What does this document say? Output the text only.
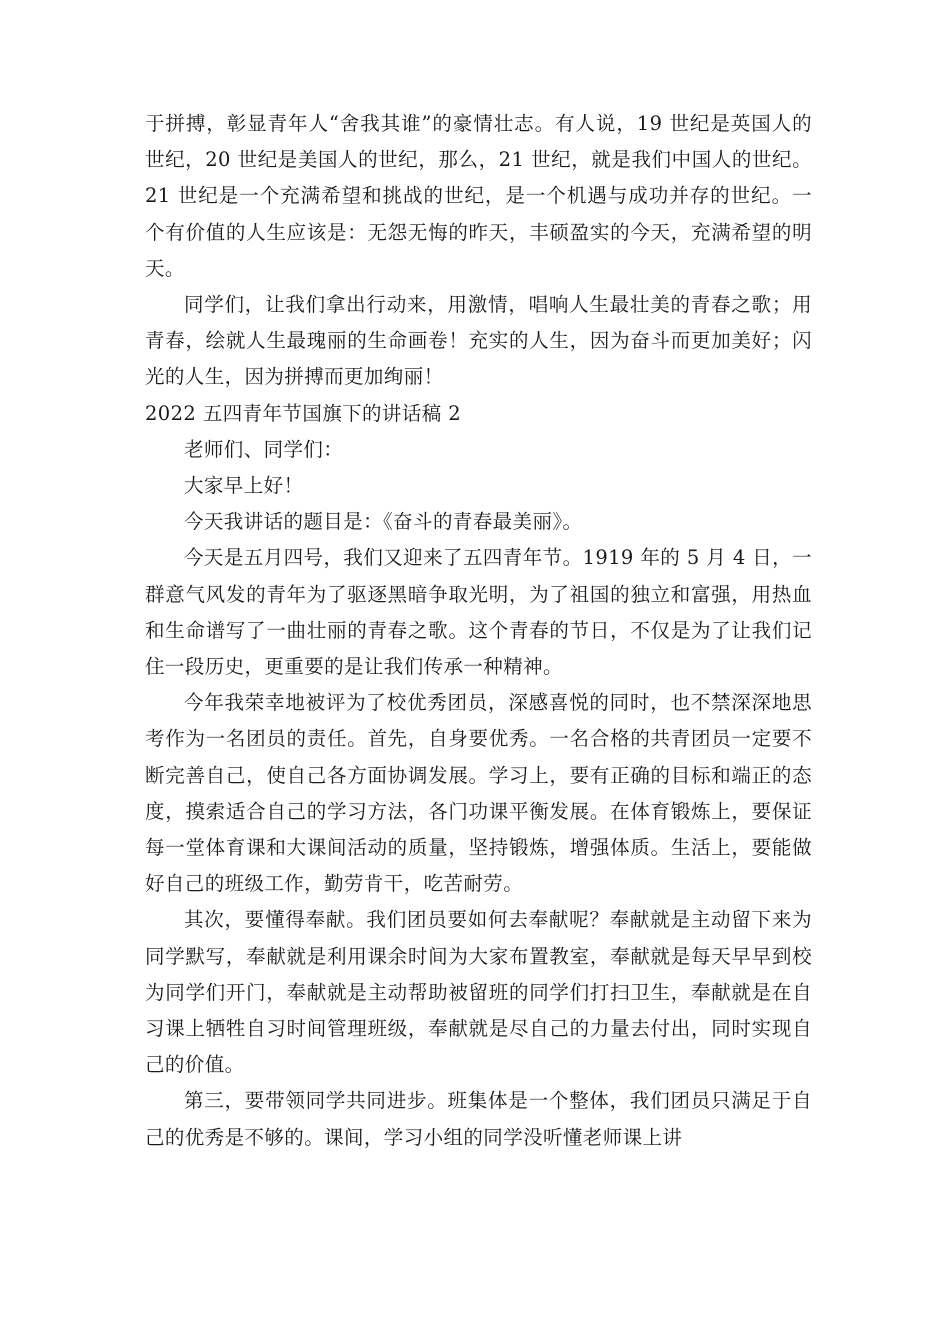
于拼搏，彰显青年人“舍我其谁”的豪情壮志。有人说，19 世纪是英国人的世纪，20 世纪是美国人的世纪，那么，21 世纪，就是我们中国人的世纪。21 世纪是一个充满希望和挑战的世纪，是一个机遇与成功并存的世纪。一个有价值的人生应该是：无怨无悔的昨天，丰硕盈实的今天，充满希望的明天。

同学们，让我们拿出行动来，用激情，唱响人生最壮美的青春之歌；用青春，绘就人生最瑰丽的生命画卷！充实的人生，因为奋斗而更加美好；闪光的人生，因为拼搏而更加绚丽！

2022 五四青年节国旗下的讲话稿 2

老师们、同学们：

大家早上好！

今天我讲话的题目是：《奋斗的青春最美丽》。

今天是五月四号，我们又迎来了五四青年节。1919 年的 5 月 4 日，一群意气风发的青年为了驱逐黑暗争取光明，为了祖国的独立和富强，用热血和生命谱写了一曲壮丽的青春之歌。这个青春的节日，不仅是为了让我们记住一段历史，更重要的是让我们传承一种精神。

今年我荣幸地被评为了校优秀团员，深感喜悦的同时，也不禁深深地思考作为一名团员的责任。首先，自身要优秀。一名合格的共青团员一定要不断完善自己，使自己各方面协调发展。学习上，要有正确的目标和端正的态度，摸索适合自己的学习方法，各门功课平衡发展。在体育锻炼上，要保证每一堂体育课和大课间活动的质量，坚持锻炼，增强体质。生活上，要能做好自己的班级工作，勤劳肯干，吃苦耐劳。

其次，要懂得奉献。我们团员要如何去奉献呢？奉献就是主动留下来为同学默写，奉献就是利用课余时间为大家布置教室，奉献就是每天早早到校为同学们开门，奉献就是主动帮助被留班的同学们打扫卫生，奉献就是在自习课上牺牲自习时间管理班级，奉献就是尽自己的力量去付出，同时实现自己的价值。

第三，要带领同学共同进步。班集体是一个整体，我们团员只满足于自己的优秀是不够的。课间，学习小组的同学没听懂老师课上讲
